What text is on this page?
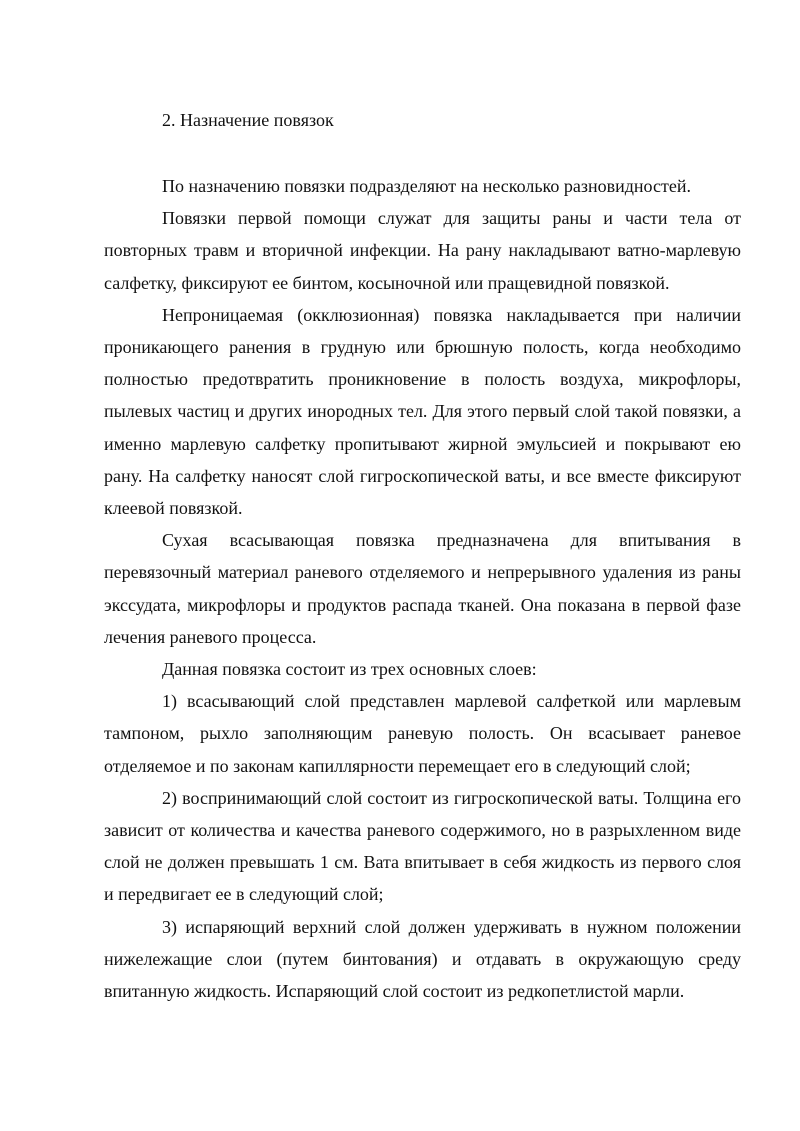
2. Назначение повязок

По назначению повязки подразделяют на несколько разновидностей.

Повязки первой помощи служат для защиты раны и части тела от повторных травм и вторичной инфекции. На рану накладывают ватно-марлевую салфетку, фиксируют ее бинтом, косыночной или пращевидной повязкой.

Непроницаемая (окклюзионная) повязка накладывается при наличии проникающего ранения в грудную или брюшную полость, когда необходимо полностью предотвратить проникновение в полость воздуха, микрофлоры, пылевых частиц и других инородных тел. Для этого первый слой такой повязки, а именно марлевую салфетку пропитывают жирной эмульсией и покрывают ею рану. На салфетку наносят слой гигроскопической ваты, и все вместе фиксируют клеевой повязкой.

Сухая всасывающая повязка предназначена для впитывания в перевязочный материал раневого отделяемого и непрерывного удаления из раны экссудата, микрофлоры и продуктов распада тканей. Она показана в первой фазе лечения раневого процесса.

Данная повязка состоит из трех основных слоев:

1) всасывающий слой представлен марлевой салфеткой или марлевым тампоном, рыхло заполняющим раневую полость. Он всасывает раневое отделяемое и по законам капиллярности перемещает его в следующий слой;

2) воспринимающий слой состоит из гигроскопической ваты. Толщина его зависит от количества и качества раневого содержимого, но в разрыхленном виде слой не должен превышать 1 см. Вата впитывает в себя жидкость из первого слоя и передвигает ее в следующий слой;

3) испаряющий верхний слой должен удерживать в нужном положении нижележащие слои (путем бинтования) и отдавать в окружающую среду впитанную жидкость. Испаряющий слой состоит из редкопетлистой марли.
